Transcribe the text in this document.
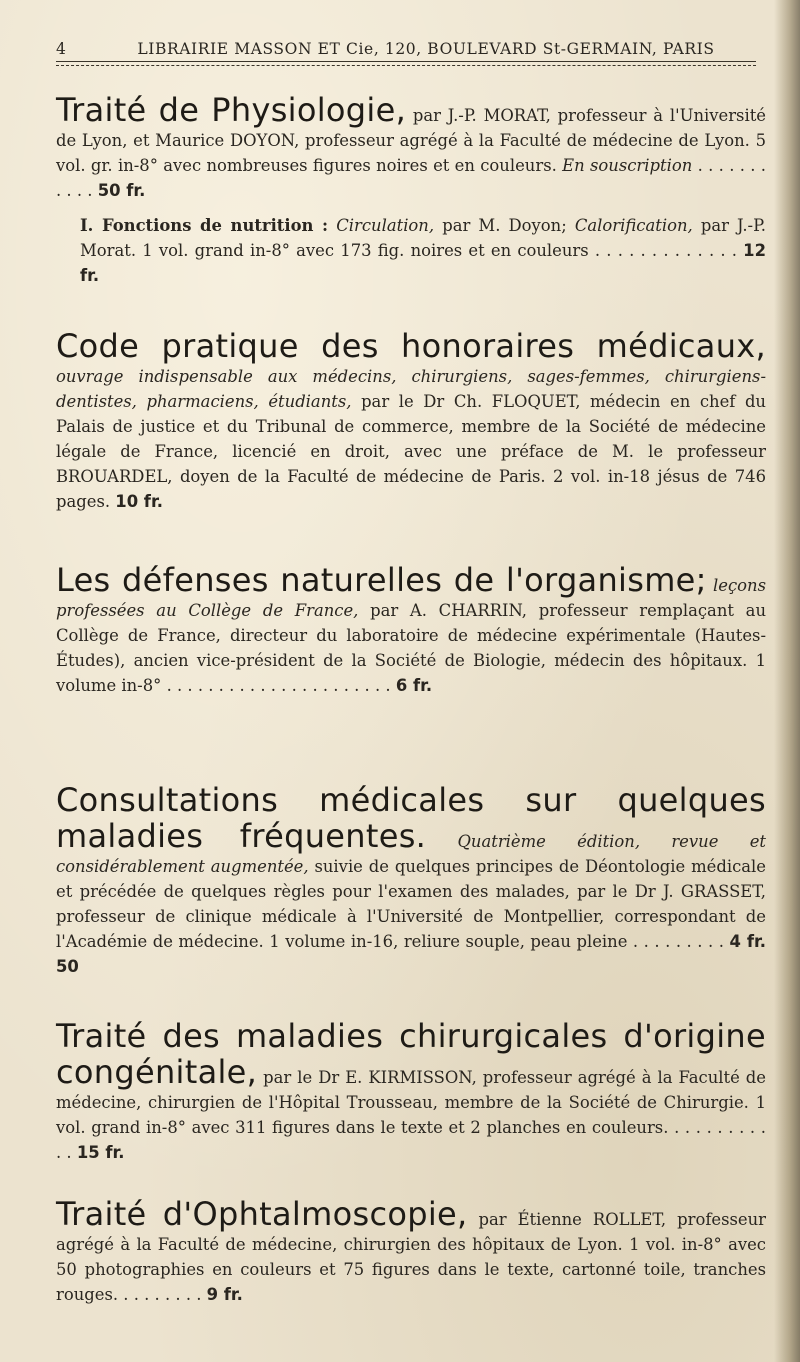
4	LIBRAIRIE MASSON ET Cie, 120, BOULEVARD St-GERMAIN, PARIS
Traité de Physiologie, par J.-P. MORAT, professeur à l'Université de Lyon, et Maurice DOYON, professeur agrégé à la Faculté de médecine de Lyon. 5 vol. gr. in-8° avec nombreuses figures noires et en couleurs. En souscription . . . . . . . . . . . 50 fr.
I. Fonctions de nutrition : Circulation, par M. Doyon; Calorification, par J.-P. Morat. 1 vol. grand in-8° avec 173 fig. noires et en couleurs . . . . . . . . . . . . . 12 fr.
Code pratique des honoraires médicaux, ouvrage indispensable aux médecins, chirurgiens, sages-femmes, chirurgiens-dentistes, pharmaciens, étudiants, par le Dr Ch. FLOQUET, médecin en chef du Palais de justice et du Tribunal de commerce, membre de la Société de médecine légale de France, licencié en droit, avec une préface de M. le professeur BROUARDEL, doyen de la Faculté de médecine de Paris. 2 vol. in-18 jésus de 746 pages. 10 fr.
Les défenses naturelles de l'organisme; leçons professées au Collège de France, par A. CHARRIN, professeur remplaçant au Collège de France, directeur du laboratoire de médecine expérimentale (Hautes-Études), ancien vice-président de la Société de Biologie, médecin des hôpitaux. 1 volume in-8° . . . . . . . . . . . . . . . . . . . . . . 6 fr.
Consultations médicales sur quelques maladies fréquentes. Quatrième édition, revue et considérablement augmentée, suivie de quelques principes de Déontologie médicale et précédée de quelques règles pour l'examen des malades, par le Dr J. GRASSET, professeur de clinique médicale à l'Université de Montpellier, correspondant de l'Académie de médecine. 1 volume in-16, reliure souple, peau pleine . . . . . . . . . 4 fr. 50
Traité des maladies chirurgicales d'origine congénitale, par le Dr E. KIRMISSON, professeur agrégé à la Faculté de médecine, chirurgien de l'Hôpital Trousseau, membre de la Société de Chirurgie. 1 vol. grand in-8° avec 311 figures dans le texte et 2 planches en couleurs. . . . . . . . . . . . 15 fr.
Traité d'Ophtalmoscopie, par Étienne ROLLET, professeur agrégé à la Faculté de médecine, chirurgien des hôpitaux de Lyon. 1 vol. in-8° avec 50 photographies en couleurs et 75 figures dans le texte, cartonné toile, tranches rouges. . . . . . . . . 9 fr.
